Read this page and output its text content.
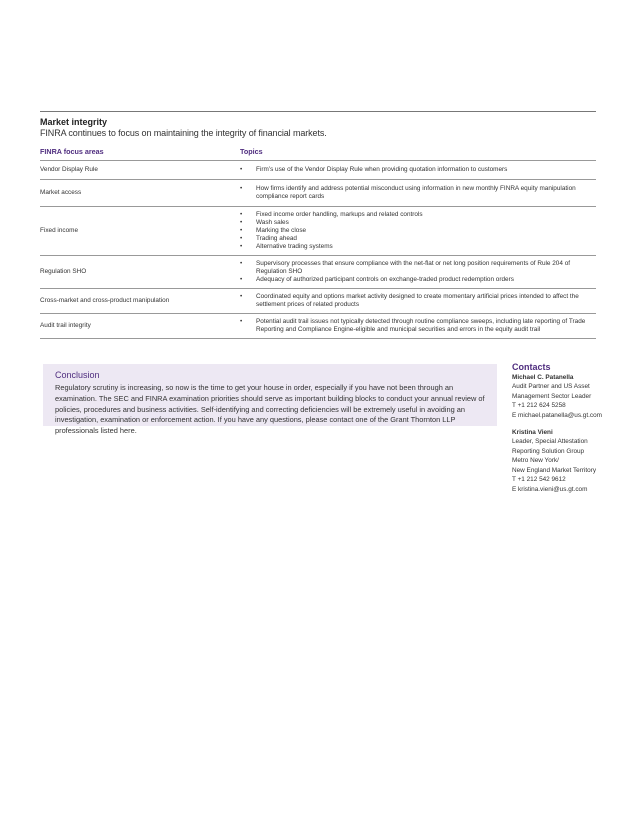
Market integrity
FINRA continues to focus on maintaining the integrity of financial markets.
FINRA focus areas	Topics
Vendor Display Rule	•	Firm’s use of the Vendor Display Rule when providing quotation information to customers
Market access
•	How firms identify and address potential misconduct using information in new monthly FINRA equity manipulation compliance report cards
Fixed income
•	Fixed income order handling, markups and related controls
•	Wash sales
•	Marking the close
•	Trading ahead
•	Alternative trading systems
Regulation SHO
•	Supervisory processes that ensure compliance with the net-flat or net long position requirements of Rule 204 of Regulation SHO
•	Adequacy of authorized participant controls on exchange-traded product redemption orders
Cross-market and cross-product manipulation
•	Coordinated equity and options market activity designed to create momentary artificial prices intended to affect the settlement prices of related products
Audit trail integrity
•	Potential audit trail issues not typically detected through routine compliance sweeps, including late reporting of Trade Reporting and Compliance Engine-eligible and municipal securities and errors in the equity audit trail
Conclusion
Regulatory scrutiny is increasing, so now is the time to get your house in order, especially if you have not been through an examination. The SEC and FINRA examination priorities should serve as important building blocks to conduct your annual review of policies, procedures and business activities. Self-identifying and correcting deficiencies will be extremely useful in avoiding an investigation, examination or enforcement action. If you have any questions, please contact one of the Grant Thornton LLP professionals listed here.
Contacts
Michael C. Patanella
Audit Partner and US Asset
Management Sector Leader
T +1 212 624 5258
E michael.patanella@us.gt.com
Kristina Vieni
Leader, Special Attestation
Reporting Solution Group
Metro New York/
New England Market Territory
T +1 212 542 9612
E kristina.vieni@us.gt.com
